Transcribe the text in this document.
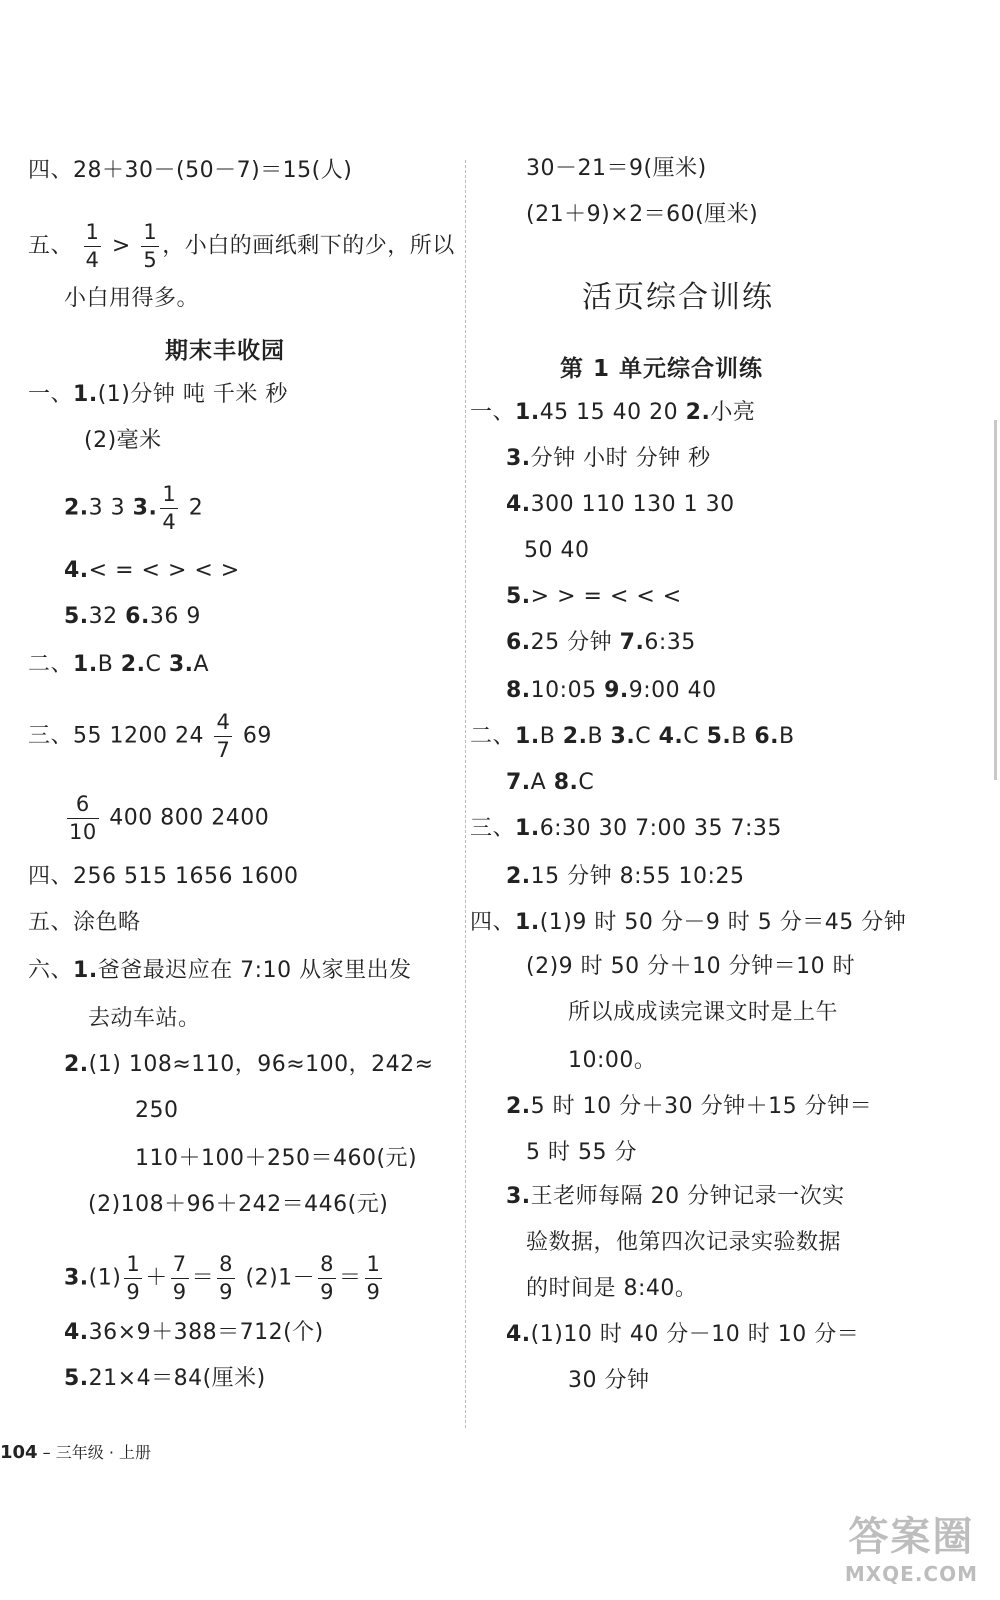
四、28＋30－(50－7)＝15(人)
五、 $\frac{1}{4} > \frac{1}{5}$ ，小白的画纸剩下的少，所以
小白用得多。
期末丰收园
一、1.(1)分钟 吨 千米 秒
(2)毫米
2.3 3 3. $\frac{1}{4} 2$
4.< = < > < >
5.32 6.36 9
二、1.B 2.C 3.A
三、55 1200 $24 \frac{4}{7} 69$
$\frac{6}{10} 400$ 800 2400
四、256 515 1656 1600
五、涂色略
六、1.爸爸最迟应在 7:10 从家里出发
去动车站。
2.(1) 108≈110，96≈100，242≈
250
110＋100＋250＝460(元)
(2)108＋96＋242＝446(元)
$3.(1) \frac{1}{9} + \frac{7}{9} = \frac{8}{9} (2)1- \frac{8}{9} = \frac{1}{9}$
4.36×9＋388＝712(个)
5.21×4＝84(厘米)
30－21＝9(厘米)
(21＋9)×2＝60(厘米)
活页综合训练
第 1 单元综合训练
一、1.45 15 40 20 2.小亮
3.分钟 小时 分钟 秒
4.300 110 130 1 30
50 40
5.> > = < < <
6.25 分钟 7.6:35
8.10:05 9.9:00 40
二、1.B 2.B 3.C 4.C 5.B 6.B
7.A 8.C
三、1.6:30 30 7:00 35 7:35
2.15 分钟 8:55 10:25
四、1.(1)9 时 50 分－9 时 5 分＝45 分钟
(2)9 时 50 分＋10 分钟＝10 时
所以成成读完课文时是上午
10:00。
2.5 时 10 分＋30 分钟＋15 分钟＝
5 时 55 分
3.王老师每隔 20 分钟记录一次实
验数据，他第四次记录实验数据
的时间是 8:40。
4.(1)10 时 40 分－10 时 10 分＝
30 分钟
104 – 三年级 · 上册
答案圈
MXQE.COM
